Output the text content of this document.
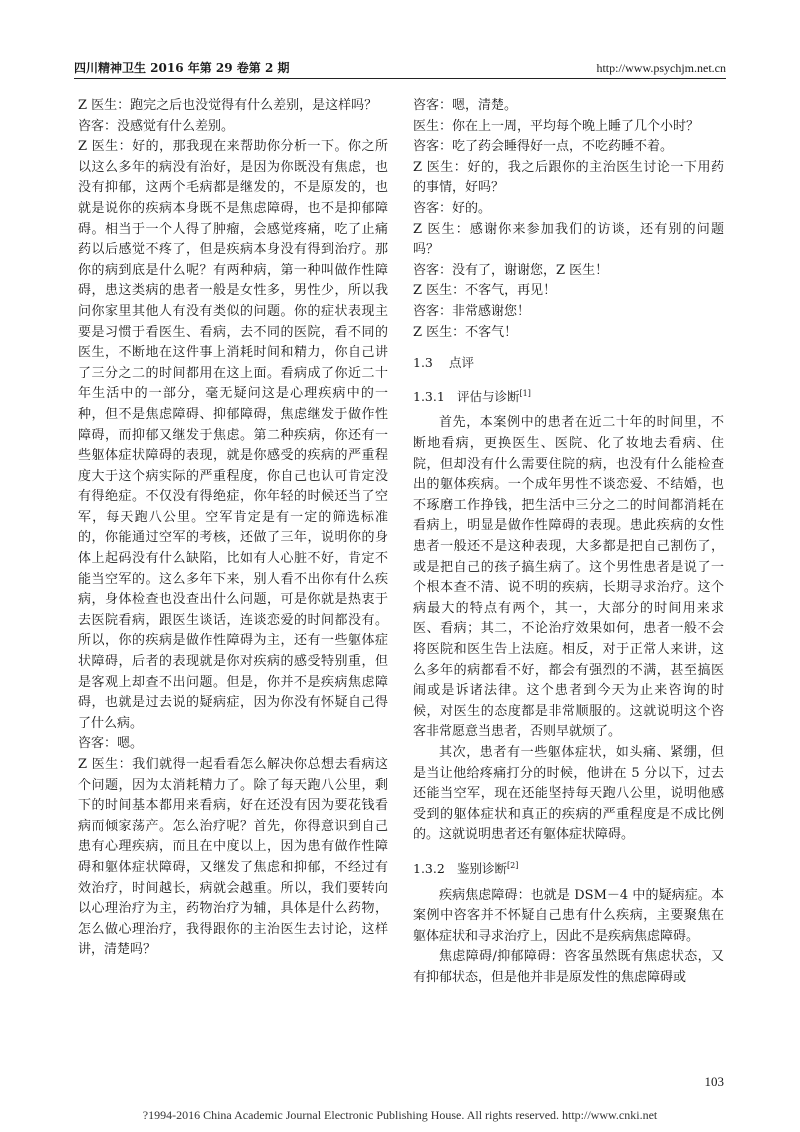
四川精神卫生 2016 年第 29 卷第 2 期	http://www.psychjm.net.cn

Z 医生：跑完之后也没觉得有什么差别，是这样吗？

咨客：没感觉有什么差别。

Z 医生：好的，那我现在来帮助你分析一下。你之所以这么多年的病没有治好，是因为你既没有焦虑，也没有抑郁，这两个毛病都是继发的，不是原发的，也就是说你的疾病本身既不是焦虑障碍，也不是抑郁障碍。相当于一个人得了肿瘤，会感觉疼痛，吃了止痛药以后感觉不疼了，但是疾病本身没有得到治疗。那你的病到底是什么呢？有两种病，第一种叫做作性障碍，患这类病的患者一般是女性多，男性少，所以我问你家里其他人有没有类似的问题。你的症状表现主要是习惯于看医生、看病，去不同的医院，看不同的医生，不断地在这件事上消耗时间和精力，你自己讲了三分之二的时间都用在这上面。看病成了你近二十年生活中的一部分，毫无疑问这是心理疾病中的一种，但不是焦虑障碍、抑郁障碍，焦虑继发于做作性障碍，而抑郁又继发于焦虑。第二种疾病，你还有一些躯体症状障碍的表现，就是你感受的疾病的严重程度大于这个病实际的严重程度，你自己也认可肯定没有得绝症。不仅没有得绝症，你年轻的时候还当了空军，每天跑八公里。空军肯定是有一定的筛选标准的，你能通过空军的考核，还做了三年，说明你的身体上起码没有什么缺陷，比如有人心脏不好，肯定不能当空军的。这么多年下来，别人看不出你有什么疾病，身体检查也没查出什么问题，可是你就是热衷于去医院看病，跟医生谈话，连谈恋爱的时间都没有。所以，你的疾病是做作性障碍为主，还有一些躯体症状障碍，后者的表现就是你对疾病的感受特别重，但是客观上却查不出问题。但是，你并不是疾病焦虑障碍，也就是过去说的疑病症，因为你没有怀疑自己得了什么病。

咨客：嗯。

Z 医生：我们就得一起看看怎么解决你总想去看病这个问题，因为太消耗精力了。除了每天跑八公里，剩下的时间基本都用来看病，好在还没有因为要花钱看病而倾家荡产。怎么治疗呢？首先，你得意识到自己患有心理疾病，而且在中度以上，因为患有做作性障碍和躯体症状障碍，又继发了焦虑和抑郁，不经过有效治疗，时间越长，病就会越重。所以，我们要转向以心理治疗为主，药物治疗为辅，具体是什么药物，怎么做心理治疗，我得跟你的主治医生去讨论，这样讲，清楚吗？

咨客：嗯，清楚。

医生：你在上一周，平均每个晚上睡了几个小时？

咨客：吃了药会睡得好一点，不吃药睡不着。

Z 医生：好的，我之后跟你的主治医生讨论一下用药的事情，好吗？

咨客：好的。

Z 医生：感谢你来参加我们的访谈，还有别的问题吗？

咨客：没有了，谢谢您，Z 医生！

Z 医生：不客气，再见！

咨客：非常感谢您！

Z 医生：不客气！

1.3 点评
1.3.1 评估与诊断[1]

首先，本案例中的患者在近二十年的时间里，不断地看病，更换医生、医院、化了妆地去看病、住院，但却没有什么需要住院的病，也没有什么能检查出的躯体疾病。一个成年男性不谈恋爱、不结婚，也不琢磨工作挣钱，把生活中三分之二的时间都消耗在看病上，明显是做作性障碍的表现。患此疾病的女性患者一般还不是这种表现，大多都是把自己割伤了，或是把自己的孩子搞生病了。这个男性患者是说了一个根本查不清、说不明的疾病，长期寻求治疗。这个病最大的特点有两个，其一，大部分的时间用来求医、看病；其二，不论治疗效果如何，患者一般不会将医院和医生告上法庭。相反，对于正常人来讲，这么多年的病都看不好，都会有强烈的不满，甚至搞医闹或是诉诸法律。这个患者到今天为止来咨询的时候，对医生的态度都是非常顺服的。这就说明这个咨客非常愿意当患者，否则早就烦了。

其次，患者有一些躯体症状，如头痛、紧绷，但是当让他给疼痛打分的时候，他讲在 5 分以下，过去还能当空军，现在还能坚持每天跑八公里，说明他感受到的躯体症状和真正的疾病的严重程度是不成比例的。这就说明患者还有躯体症状障碍。

1.3.2 鉴别诊断[2]

疾病焦虑障碍：也就是 DSM－4 中的疑病症。本案例中咨客并不怀疑自己患有什么疾病，主要聚焦在躯体症状和寻求治疗上，因此不是疾病焦虑障碍。

焦虑障碍/抑郁障碍：咨客虽然既有焦虑状态，又有抑郁状态，但是他并非是原发性的焦虑障碍或

103
?1994-2016 China Academic Journal Electronic Publishing House. All rights reserved. http://www.cnki.net
